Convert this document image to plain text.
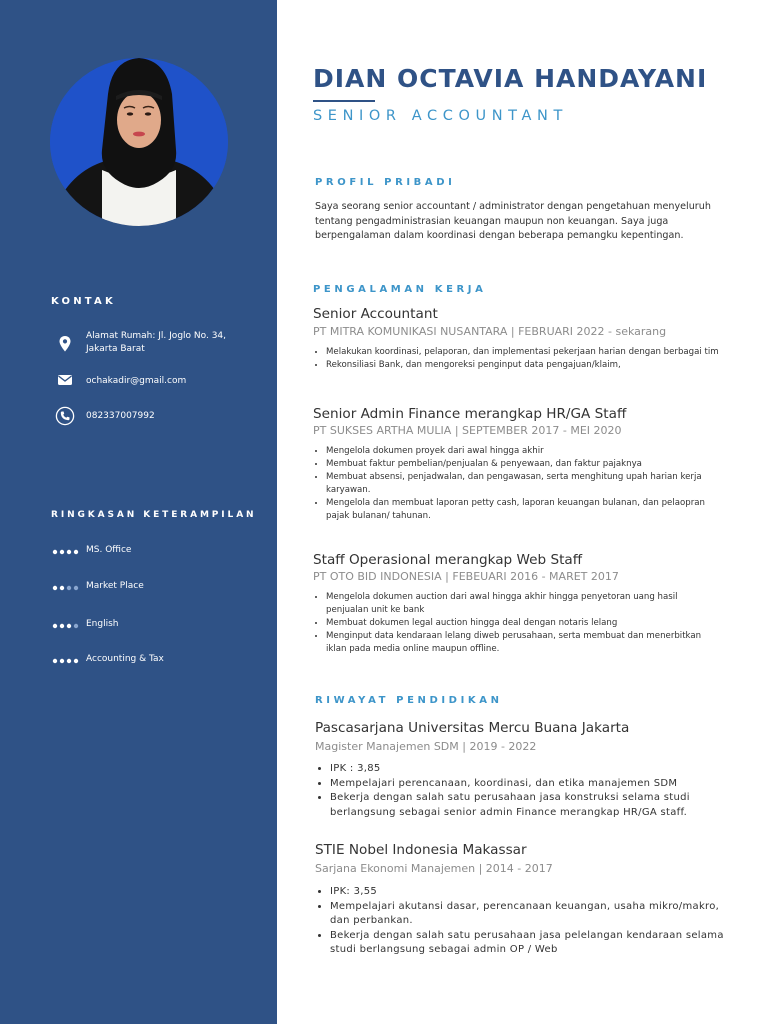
KONTAK
Alamat Rumah: Jl. Joglo No. 34, Jakarta Barat
ochakadir@gmail.com
082337007992
RINGKASAN KETERAMPILAN
MS. Office
Market Place
English
Accounting & Tax
DIAN OCTAVIA HANDAYANI
SENIOR ACCOUNTANT
PROFIL PRIBADI

Saya seorang senior accountant / administrator dengan pengetahuan menyeluruh tentang pengadministrasian keuangan maupun non keuangan. Saya juga berpengalaman dalam koordinasi dengan beberapa pemangku kepentingan.

PENGALAMAN KERJA
Senior Accountant
PT MITRA KOMUNIKASI NUSANTARA | FEBRUARI 2022 - sekarang
• Melakukan koordinasi, pelaporan, dan implementasi pekerjaan harian dengan berbagai tim
• Rekonsiliasi Bank, dan mengoreksi penginput data pengajuan/klaim,
Senior Admin Finance merangkap HR/GA Staff
PT SUKSES ARTHA MULIA | SEPTEMBER 2017 - MEI 2020
• Mengelola dokumen proyek dari awal hingga akhir
• Membuat faktur pembelian/penjualan & penyewaan, dan faktur pajaknya
• Membuat absensi, penjadwalan, dan pengawasan, serta menghitung upah harian kerja karyawan.
• Mengelola dan membuat laporan petty cash, laporan keuangan bulanan, dan pelaopran pajak bulanan/ tahunan.
Staff Operasional merangkap Web Staff
PT OTO BID INDONESIA | FEBEUARI 2016 - MARET 2017
• Mengelola dokumen auction dari awal hingga akhir hingga penyetoran uang hasil penjualan unit ke bank
• Membuat dokumen legal auction hingga deal dengan notaris lelang
• Menginput data kendaraan lelang diweb perusahaan, serta membuat dan menerbitkan iklan pada media online maupun offline.
RIWAYAT PENDIDIKAN
Pascasarjana Universitas Mercu Buana Jakarta
Magister Manajemen SDM | 2019 - 2022
• IPK : 3,85
• Mempelajari perencanaan, koordinasi, dan etika manajemen SDM
• Bekerja dengan salah satu perusahaan jasa konstruksi selama studi berlangsung sebagai senior admin Finance merangkap HR/GA staff.
STIE Nobel Indonesia Makassar
Sarjana Ekonomi Manajemen | 2014 - 2017
• IPK: 3,55
• Mempelajari akutansi dasar, perencanaan keuangan, usaha mikro/makro, dan perbankan.
• Bekerja dengan salah satu perusahaan jasa pelelangan kendaraan selama studi berlangsung sebagai admin OP / Web
